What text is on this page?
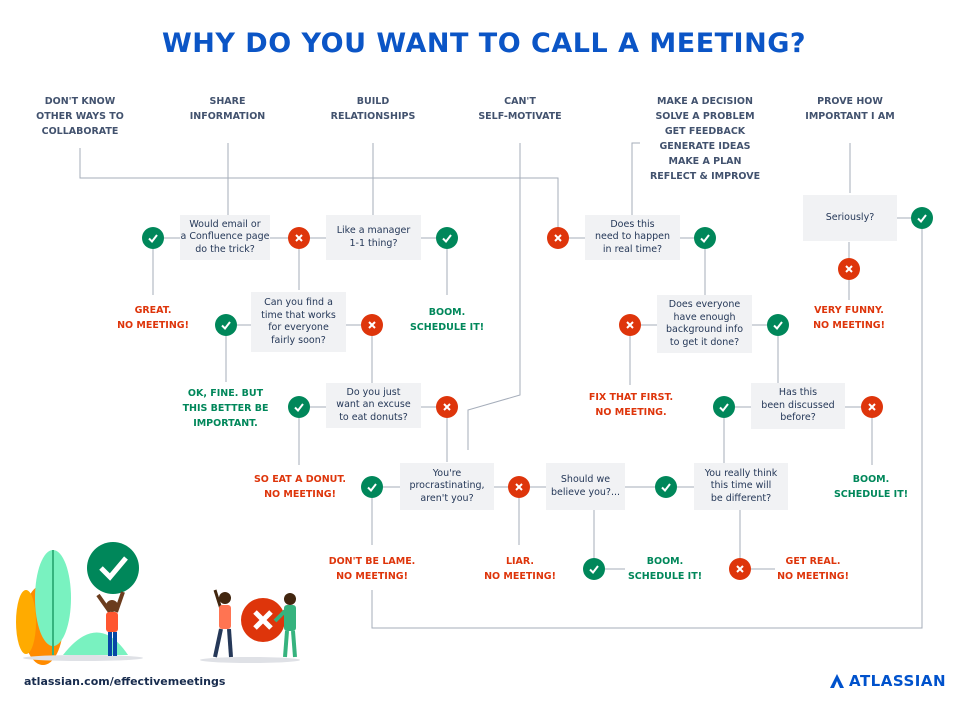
WHY DO YOU WANT TO CALL A MEETING?
DON'T KNOW
OTHER WAYS TO
COLLABORATE
SHARE
INFORMATION
BUILD
RELATIONSHIPS
CAN'T
SELF-MOTIVATE
MAKE A DECISION
SOLVE A PROBLEM
GET FEEDBACK
GENERATE IDEAS
MAKE A PLAN
REFLECT & IMPROVE
PROVE HOW
IMPORTANT I AM
Would email or
a Confluence page
do the trick?
Like a manager
1-1 thing?
Does this
need to happen
in real time?
Seriously?
Can you find a
time that works
for everyone
fairly soon?
Does everyone
have enough
background info
to get it done?
Do you just
want an excuse
to eat donuts?
Has this
been discussed
before?
You're
procrastinating,
aren't you?
Should we
believe you?...
You really think
this time will
be different?
GREAT.
NO MEETING!
BOOM.
SCHEDULE IT!
VERY FUNNY.
NO MEETING!
OK, FINE. BUT
THIS BETTER BE
IMPORTANT.
FIX THAT FIRST.
NO MEETING.
SO EAT A DONUT.
NO MEETING!
BOOM.
SCHEDULE IT!
DON'T BE LAME.
NO MEETING!
LIAR.
NO MEETING!
BOOM.
SCHEDULE IT!
GET REAL.
NO MEETING!
atlassian.com/effectivemeetings	ATLASSIAN
